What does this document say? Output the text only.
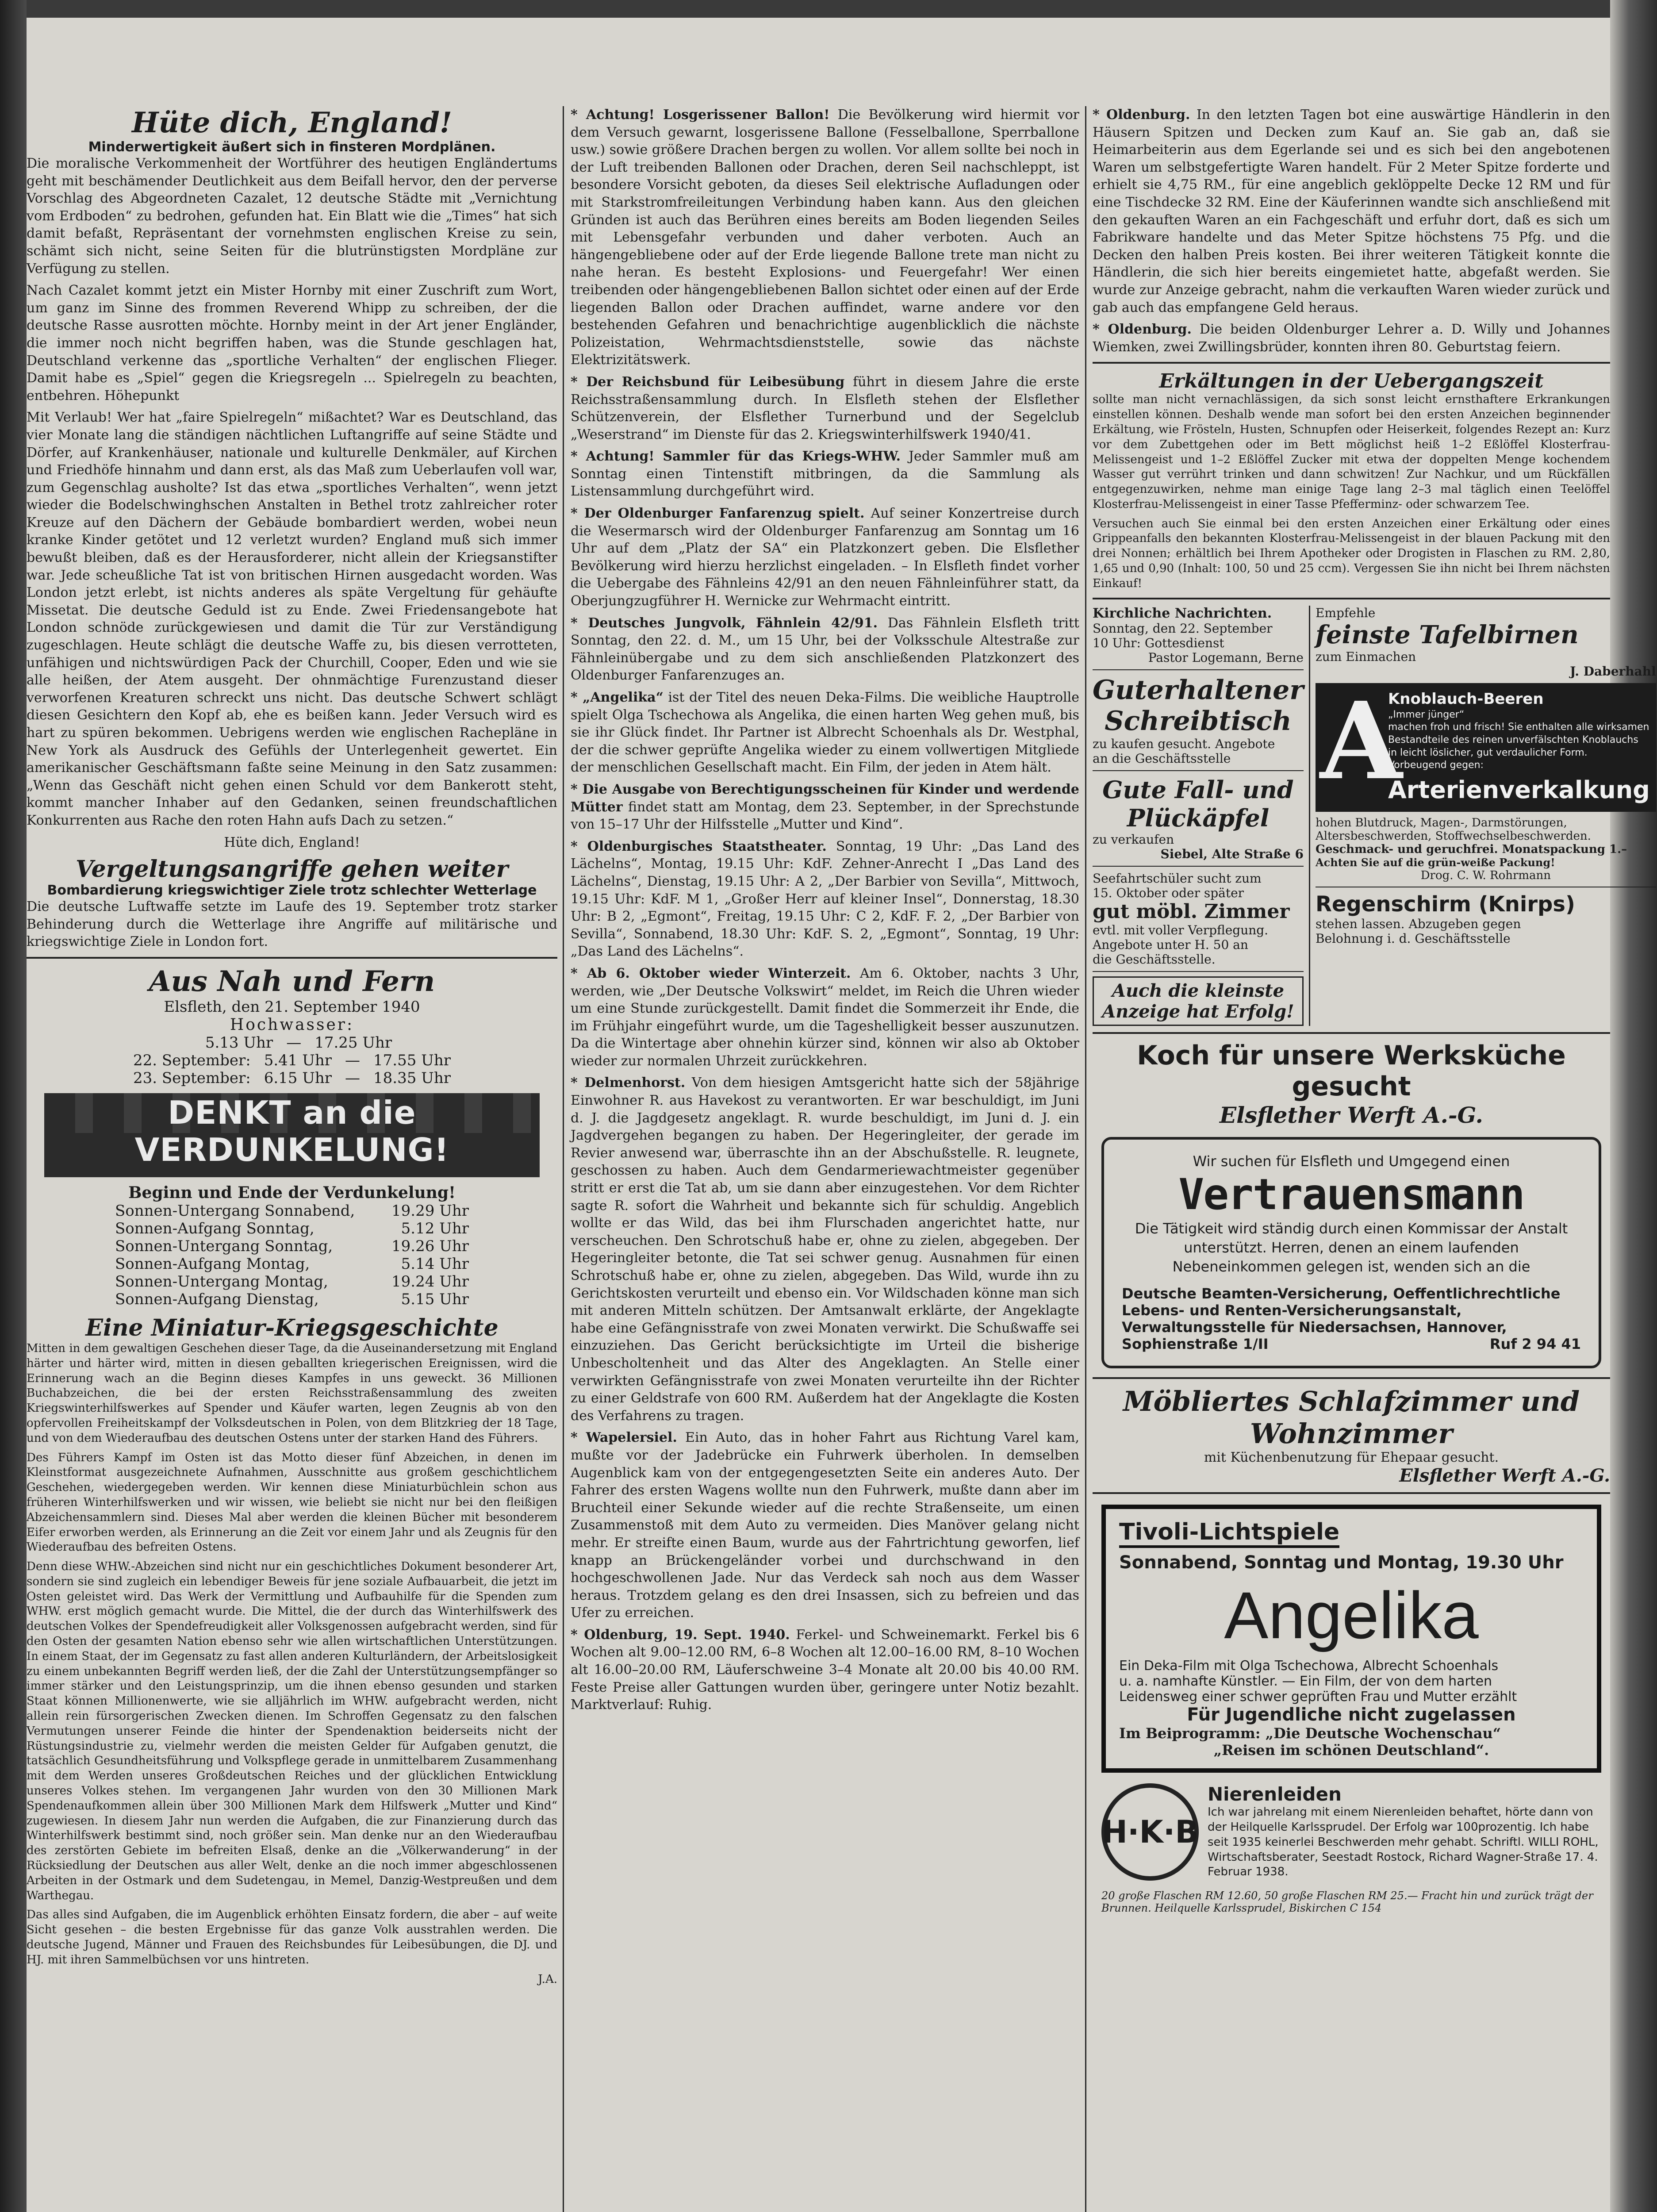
Hüte dich, England!
Minderwertigkeit äußert sich in finsteren Mordplänen.

Die moralische Verkommenheit der Wortführer des heutigen Engländertums geht mit beschämender Deutlichkeit aus dem Beifall hervor, den der perverse Vorschlag des Abgeordneten Cazalet, 12 deutsche Städte mit „Vernichtung vom Erdboden“ zu bedrohen, gefunden hat. Ein Blatt wie die „Times“ hat sich damit befaßt, Repräsentant der vornehmsten englischen Kreise zu sein, schämt sich nicht, seine Seiten für die blutrünstigsten Mordpläne zur Verfügung zu stellen.

Nach Cazalet kommt jetzt ein Mister Hornby mit einer Zuschrift zum Wort, um ganz im Sinne des frommen Reverend Whipp zu schreiben, der die deutsche Rasse ausrotten möchte. Hornby meint in der Art jener Engländer, die immer noch nicht begriffen haben, was die Stunde geschlagen hat, Deutschland verkenne das „sportliche Verhalten“ der englischen Flieger. Damit habe es „Spiel“ gegen die Kriegsregeln ... Spielregeln zu beachten, entbehren. Höhepunkt

Mit Verlaub! Wer hat „faire Spielregeln“ mißachtet? War es Deutschland, das vier Monate lang die ständigen nächtlichen Luftangriffe auf seine Städte und Dörfer, auf Krankenhäuser, nationale und kulturelle Denkmäler, auf Kirchen und Friedhöfe hinnahm und dann erst, als das Maß zum Ueberlaufen voll war, zum Gegenschlag ausholte? Ist das etwa „sportliches Verhalten“, wenn jetzt wieder die Bodelschwinghschen Anstalten in Bethel trotz zahlreicher roter Kreuze auf den Dächern der Gebäude bombardiert werden, wobei neun kranke Kinder getötet und 12 verletzt wurden? England muß sich immer bewußt bleiben, daß es der Herausforderer, nicht allein der Kriegsanstifter war. Jede scheußliche Tat ist von britischen Hirnen ausgedacht worden. Was London jetzt erlebt, ist nichts anderes als späte Vergeltung für gehäufte Missetat. Die deutsche Geduld ist zu Ende. Zwei Friedensangebote hat London schnöde zurückgewiesen und damit die Tür zur Verständigung zugeschlagen. Heute schlägt die deutsche Waffe zu, bis diesen verrotteten, unfähigen und nichtswürdigen Pack der Churchill, Cooper, Eden und wie sie alle heißen, der Atem ausgeht. Der ohnmächtige Furenzustand dieser verworfenen Kreaturen schreckt uns nicht. Das deutsche Schwert schlägt diesen Gesichtern den Kopf ab, ehe es beißen kann. Jeder Versuch wird es hart zu spüren bekommen. Uebrigens werden wie englischen Rachepläne in New York als Ausdruck des Gefühls der Unterlegenheit gewertet. Ein amerikanischer Geschäftsmann faßte seine Meinung in den Satz zusammen: „Wenn das Geschäft nicht gehen einen Schuld vor dem Bankerott steht, kommt mancher Inhaber auf den Gedanken, seinen freundschaftlichen Konkurrenten aus Rache den roten Hahn aufs Dach zu setzen.“

Hüte dich, England!

Vergeltungsangriffe gehen weiter
Bombardierung kriegswichtiger Ziele trotz schlechter Wetterlage

Die deutsche Luftwaffe setzte im Laufe des 19. September trotz starker Behinderung durch die Wetterlage ihre Angriffe auf militärische und kriegswichtige Ziele in London fort.

Aus Nah und Fern
Elsfleth, den 21. September 1940
Hochwasser:
5.13 Uhr — 17.25 Uhr
22. September: 5.41 Uhr — 17.55 Uhr
23. September: 6.15 Uhr — 18.35 Uhr
DENKT an die VERDUNKELUNG!
Beginn und Ende der Verdunkelung!
Sonnen-Untergang Sonnabend, 19.29 Uhr
Sonnen-Aufgang Sonntag,	5.12 Uhr
Sonnen-Untergang Sonntag,	19.26 Uhr
Sonnen-Aufgang Montag,	5.14 Uhr
Sonnen-Untergang Montag,	19.24 Uhr
Sonnen-Aufgang Dienstag,	5.15 Uhr
Eine Miniatur-Kriegsgeschichte

Mitten in dem gewaltigen Geschehen dieser Tage, da die Auseinandersetzung mit England härter und härter wird, mitten in diesen geballten kriegerischen Ereignissen, wird die Erinnerung wach an die Beginn dieses Kampfes in uns geweckt. 36 Millionen Buchabzeichen, die bei der ersten Reichsstraßensammlung des zweiten Kriegswinterhilfswerkes auf Spender und Käufer warten, legen Zeugnis ab von den opfervollen Freiheitskampf der Volksdeutschen in Polen, von dem Blitzkrieg der 18 Tage, und von dem Wiederaufbau des deutschen Ostens unter der starken Hand des Führers.

Des Führers Kampf im Osten ist das Motto dieser fünf Abzeichen, in denen im Kleinstformat ausgezeichnete Aufnahmen, Ausschnitte aus großem geschichtlichem Geschehen, wiedergegeben werden. Wir kennen diese Miniaturbüchlein schon aus früheren Winterhilfswerken und wir wissen, wie beliebt sie nicht nur bei den fleißigen Abzeichensammlern sind. Dieses Mal aber werden die kleinen Bücher mit besonderem Eifer erworben werden, als Erinnerung an die Zeit vor einem Jahr und als Zeugnis für den Wiederaufbau des befreiten Ostens.

Denn diese WHW.-Abzeichen sind nicht nur ein geschichtliches Dokument besonderer Art, sondern sie sind zugleich ein lebendiger Beweis für jene soziale Aufbauarbeit, die jetzt im Osten geleistet wird. Das Werk der Vermittlung und Aufbauhilfe für die Spenden zum WHW. erst möglich gemacht wurde. Die Mittel, die der durch das Winterhilfswerk des deutschen Volkes der Spendefreudigkeit aller Volksgenossen aufgebracht werden, sind für den Osten der gesamten Nation ebenso sehr wie allen wirtschaftlichen Unterstützungen. In einem Staat, der im Gegensatz zu fast allen anderen Kulturländern, der Arbeitslosigkeit zu einem unbekannten Begriff werden ließ, der die Zahl der Unterstützungsempfänger so immer stärker und den Leistungsprinzip, um die ihnen ebenso gesunden und starken Staat können Millionenwerte, wie sie alljährlich im WHW. aufgebracht werden, nicht allein rein fürsorgerischen Zwecken dienen. Im Schroffen Gegensatz zu den falschen Vermutungen unserer Feinde die hinter der Spendenaktion beiderseits nicht der Rüstungsindustrie zu, vielmehr werden die meisten Gelder für Aufgaben genutzt, die tatsächlich Gesundheitsführung und Volkspflege gerade in unmittelbarem Zusammenhang mit dem Werden unseres Großdeutschen Reiches und der glücklichen Entwicklung unseres Volkes stehen. Im vergangenen Jahr wurden von den 30 Millionen Mark Spendenaufkommen allein über 300 Millionen Mark dem Hilfswerk „Mutter und Kind“ zugewiesen. In diesem Jahr nun werden die Aufgaben, die zur Finanzierung durch das Winterhilfswerk bestimmt sind, noch größer sein. Man denke nur an den Wiederaufbau des zerstörten Gebiete im befreiten Elsaß, denke an die „Völkerwanderung“ in der Rücksiedlung der Deutschen aus aller Welt, denke an die noch immer abgeschlossenen Arbeiten in der Ostmark und dem Sudetengau, in Memel, Danzig-Westpreußen und dem Warthegau.

Das alles sind Aufgaben, die im Augenblick erhöhten Einsatz fordern, die aber – auf weite Sicht gesehen – die besten Ergebnisse für das ganze Volk ausstrahlen werden. Die deutsche Jugend, Männer und Frauen des Reichsbundes für Leibesübungen, die DJ. und HJ. mit ihren Sammelbüchsen vor uns hintreten.

J.A.

* Achtung! Losgerissener Ballon! Die Bevölkerung wird hiermit vor dem Versuch gewarnt, losgerissene Ballone (Fesselballone, Sperrballone usw.) sowie größere Drachen bergen zu wollen. Vor allem sollte bei noch in der Luft treibenden Ballonen oder Drachen, deren Seil nachschleppt, ist besondere Vorsicht geboten, da dieses Seil elektrische Aufladungen oder mit Starkstromfreileitungen Verbindung haben kann. Aus den gleichen Gründen ist auch das Berühren eines bereits am Boden liegenden Seiles mit Lebensgefahr verbunden und daher verboten. Auch an hängengebliebene oder auf der Erde liegende Ballone trete man nicht zu nahe heran. Es besteht Explosions- und Feuergefahr! Wer einen treibenden oder hängengebliebenen Ballon sichtet oder einen auf der Erde liegenden Ballon oder Drachen auffindet, warne andere vor den bestehenden Gefahren und benachrichtige augenblicklich die nächste Polizeistation, Wehrmachtsdienststelle, sowie das nächste Elektrizitätswerk.

* Der Reichsbund für Leibesübung führt in diesem Jahre die erste Reichsstraßensammlung durch. In Elsfleth stehen der Elsflether Schützenverein, der Elsflether Turnerbund und der Segelclub „Weserstrand“ im Dienste für das 2. Kriegswinterhilfswerk 1940/41.

* Achtung! Sammler für das Kriegs-WHW. Jeder Sammler muß am Sonntag einen Tintenstift mitbringen, da die Sammlung als Listensammlung durchgeführt wird.

* Der Oldenburger Fanfarenzug spielt. Auf seiner Konzertreise durch die Wesermarsch wird der Oldenburger Fanfarenzug am Sonntag um 16 Uhr auf dem „Platz der SA“ ein Platzkonzert geben. Die Elsflether Bevölkerung wird hierzu herzlichst eingeladen. – In Elsfleth findet vorher die Uebergabe des Fähnleins 42/91 an den neuen Fähnleinführer statt, da Oberjungzugführer H. Wernicke zur Wehrmacht eintritt.

* Deutsches Jungvolk, Fähnlein 42/91. Das Fähnlein Elsfleth tritt Sonntag, den 22. d. M., um 15 Uhr, bei der Volksschule Altestraße zur Fähnleinübergabe und zu dem sich anschließenden Platzkonzert des Oldenburger Fanfarenzuges an.

* „Angelika“ ist der Titel des neuen Deka-Films. Die weibliche Hauptrolle spielt Olga Tschechowa als Angelika, die einen harten Weg gehen muß, bis sie ihr Glück findet. Ihr Partner ist Albrecht Schoenhals als Dr. Westphal, der die schwer geprüfte Angelika wieder zu einem vollwertigen Mitgliede der menschlichen Gesellschaft macht. Ein Film, der jeden in Atem hält.

* Die Ausgabe von Berechtigungsscheinen für Kinder und werdende Mütter findet statt am Montag, dem 23. September, in der Sprechstunde von 15–17 Uhr der Hilfsstelle „Mutter und Kind“.

* Oldenburgisches Staatstheater. Sonntag, 19 Uhr: „Das Land des Lächelns“, Montag, 19.15 Uhr: KdF. Zehner-Anrecht I „Das Land des Lächelns“, Dienstag, 19.15 Uhr: A 2, „Der Barbier von Sevilla“, Mittwoch, 19.15 Uhr: KdF. M 1, „Großer Herr auf kleiner Insel“, Donnerstag, 18.30 Uhr: B 2, „Egmont“, Freitag, 19.15 Uhr: C 2, KdF. F. 2, „Der Barbier von Sevilla“, Sonnabend, 18.30 Uhr: KdF. S. 2, „Egmont“, Sonntag, 19 Uhr: „Das Land des Lächelns“.

* Ab 6. Oktober wieder Winterzeit. Am 6. Oktober, nachts 3 Uhr, werden, wie „Der Deutsche Volkswirt“ meldet, im Reich die Uhren wieder um eine Stunde zurückgestellt. Damit findet die Sommerzeit ihr Ende, die im Frühjahr eingeführt wurde, um die Tageshelligkeit besser auszunutzen. Da die Wintertage aber ohnehin kürzer sind, können wir also ab Oktober wieder zur normalen Uhrzeit zurückkehren.

* Delmenhorst. Von dem hiesigen Amtsgericht hatte sich der 58jährige Einwohner R. aus Havekost zu verantworten. Er war beschuldigt, im Juni d. J. die Jagdgesetz angeklagt. R. wurde beschuldigt, im Juni d. J. ein Jagdvergehen begangen zu haben. Der Hegeringleiter, der gerade im Revier anwesend war, überraschte ihn an der Abschußstelle. R. leugnete, geschossen zu haben. Auch dem Gendarmeriewachtmeister gegenüber stritt er erst die Tat ab, um sie dann aber einzugestehen. Vor dem Richter sagte R. sofort die Wahrheit und bekannte sich für schuldig. Angeblich wollte er das Wild, das bei ihm Flurschaden angerichtet hatte, nur verscheuchen. Den Schrotschuß habe er, ohne zu zielen, abgegeben. Der Hegeringleiter betonte, die Tat sei schwer genug. Ausnahmen für einen Schrotschuß habe er, ohne zu zielen, abgegeben. Das Wild, wurde ihn zu Gerichtskosten verurteilt und ebenso ein. Vor Wildschaden könne man sich mit anderen Mitteln schützen. Der Amtsanwalt erklärte, der Angeklagte habe eine Gefängnisstrafe von zwei Monaten verwirkt. Die Schußwaffe sei einzuziehen. Das Gericht berücksichtigte im Urteil die bisherige Unbescholtenheit und das Alter des Angeklagten. An Stelle einer verwirkten Gefängnisstrafe von zwei Monaten verurteilte ihn der Richter zu einer Geldstrafe von 600 RM. Außerdem hat der Angeklagte die Kosten des Verfahrens zu tragen.

* Wapelersiel. Ein Auto, das in hoher Fahrt aus Richtung Varel kam, mußte vor der Jadebrücke ein Fuhrwerk überholen. In demselben Augenblick kam von der entgegengesetzten Seite ein anderes Auto. Der Fahrer des ersten Wagens wollte nun den Fuhrwerk, mußte dann aber im Bruchteil einer Sekunde wieder auf die rechte Straßenseite, um einen Zusammenstoß mit dem Auto zu vermeiden. Dies Manöver gelang nicht mehr. Er streifte einen Baum, wurde aus der Fahrtrichtung geworfen, lief knapp an Brückengeländer vorbei und durchschwand in den hochgeschwollenen Jade. Nur das Verdeck sah noch aus dem Wasser heraus. Trotzdem gelang es den drei Insassen, sich zu befreien und das Ufer zu erreichen.

* Oldenburg, 19. Sept. 1940. Ferkel- und Schweinemarkt. Ferkel bis 6 Wochen alt 9.00–12.00 RM, 6–8 Wochen alt 12.00–16.00 RM, 8–10 Wochen alt 16.00–20.00 RM, Läuferschweine 3–4 Monate alt 20.00 bis 40.00 RM. Feste Preise aller Gattungen wurden über, geringere unter Notiz bezahlt. Marktverlauf: Ruhig.

* Oldenburg. In den letzten Tagen bot eine auswärtige Händlerin in den Häusern Spitzen und Decken zum Kauf an. Sie gab an, daß sie Heimarbeiterin aus dem Egerlande sei und es sich bei den angebotenen Waren um selbstgefertigte Waren handelt. Für 2 Meter Spitze forderte und erhielt sie 4,75 RM., für eine angeblich geklöppelte Decke 12 RM und für eine Tischdecke 32 RM. Eine der Käuferinnen wandte sich anschließend mit den gekauften Waren an ein Fachgeschäft und erfuhr dort, daß es sich um Fabrikware handelte und das Meter Spitze höchstens 75 Pfg. und die Decken den halben Preis kosten. Bei ihrer weiteren Tätigkeit konnte die Händlerin, die sich hier bereits eingemietet hatte, abgefaßt werden. Sie wurde zur Anzeige gebracht, nahm die verkauften Waren wieder zurück und gab auch das empfangene Geld heraus.

* Oldenburg. Die beiden Oldenburger Lehrer a. D. Willy und Johannes Wiemken, zwei Zwillingsbrüder, konnten ihren 80. Geburtstag feiern.

Erkältungen in der Uebergangszeit

sollte man nicht vernachlässigen, da sich sonst leicht ernsthaftere Erkrankungen einstellen können. Deshalb wende man sofort bei den ersten Anzeichen beginnender Erkältung, wie Frösteln, Husten, Schnupfen oder Heiserkeit, folgendes Rezept an: Kurz vor dem Zubettgehen oder im Bett möglichst heiß 1–2 Eßlöffel Klosterfrau-Melissengeist und 1–2 Eßlöffel Zucker mit etwa der doppelten Menge kochendem Wasser gut verrührt trinken und dann schwitzen! Zur Nachkur, und um Rückfällen entgegenzuwirken, nehme man einige Tage lang 2–3 mal täglich einen Teelöffel Klosterfrau-Melissengeist in einer Tasse Pfefferminz- oder schwarzem Tee.

Versuchen auch Sie einmal bei den ersten Anzeichen einer Erkältung oder eines Grippeanfalls den bekannten Klosterfrau-Melissengeist in der blauen Packung mit den drei Nonnen; erhältlich bei Ihrem Apotheker oder Drogisten in Flaschen zu RM. 2,80, 1,65 und 0,90 (Inhalt: 100, 50 und 25 ccm). Vergessen Sie ihn nicht bei Ihrem nächsten Einkauf!

Kirchliche Nachrichten.
Sonntag, den 22. September
10 Uhr: Gottesdienst
Pastor Logemann, Berne
Guterhaltener Schreibtisch
zu kaufen gesucht. Angebote
an die Geschäftsstelle
Gute Fall- und Plückäpfel
zu verkaufen
Siebel, Alte Straße 6
Seefahrtschüler sucht zum
15. Oktober oder später
gut möbl. Zimmer
evtl. mit voller Verpflegung.
Angebote unter H. 50 an
die Geschäftsstelle.
Auch die kleinste Anzeige hat Erfolg!
Empfehle
feinste Tafelbirnen
zum Einmachen
J. Daberhahl
A
Knoblauch-Beeren
„Immer jünger“
machen froh und frisch! Sie enthalten alle wirksamen Bestandteile des reinen unverfälschten Knoblauchs in leicht löslicher, gut verdaulicher Form.
Vorbeugend gegen:
Arterienverkalkung
hohen Blutdruck, Magen-, Darmstörungen, Altersbeschwerden, Stoffwechselbeschwerden.
Geschmack- und geruchfrei. Monatspackung 1.–
Achten Sie auf die grün-weiße Packung!
Drog. C. W. Rohrmann
Regenschirm (Knirps)
stehen lassen. Abzugeben gegen
Belohnung i. d. Geschäftsstelle
Koch für unsere Werksküche gesucht
Elsflether Werft A.-G.
Wir suchen für Elsfleth und Umgegend einen
Vertrauensmann
Die Tätigkeit wird ständig durch einen Kommissar der Anstalt unterstützt. Herren, denen an einem laufenden Nebeneinkommen gelegen ist, wenden sich an die
Deutsche Beamten-Versicherung, Oeffentlichrechtliche Lebens- und Renten-Versicherungsanstalt,
Verwaltungsstelle für Niedersachsen, Hannover,
Sophienstraße 1/II	Ruf 2 94 41
Möbliertes Schlafzimmer und Wohnzimmer
mit Küchenbenutzung für Ehepaar gesucht.
Elsflether Werft A.-G.
Tivoli-Lichtspiele
Sonnabend, Sonntag und Montag, 19.30 Uhr
Angelika
Ein Deka-Film mit Olga Tschechowa, Albrecht Schoenhals
u. a. namhafte Künstler. — Ein Film, der von dem harten
Leidensweg einer schwer geprüften Frau und Mutter erzählt
Für Jugendliche nicht zugelassen
Im Beiprogramm: „Die Deutsche Wochenschau“
„Reisen im schönen Deutschland“.
H·K·B
Nierenleiden
Ich war jahrelang mit einem Nierenleiden behaftet, hörte dann von der Heilquelle Karlssprudel. Der Erfolg war 100prozentig. Ich habe seit 1935 keinerlei Beschwerden mehr gehabt. Schriftl. WILLI ROHL, Wirtschaftsberater, Seestadt Rostock, Richard Wagner-Straße 17. 4. Februar 1938.
20 große Flaschen RM 12.60, 50 große Flaschen RM 25.— Fracht hin und zurück trägt der Brunnen. Heilquelle Karlssprudel, Biskirchen C 154
